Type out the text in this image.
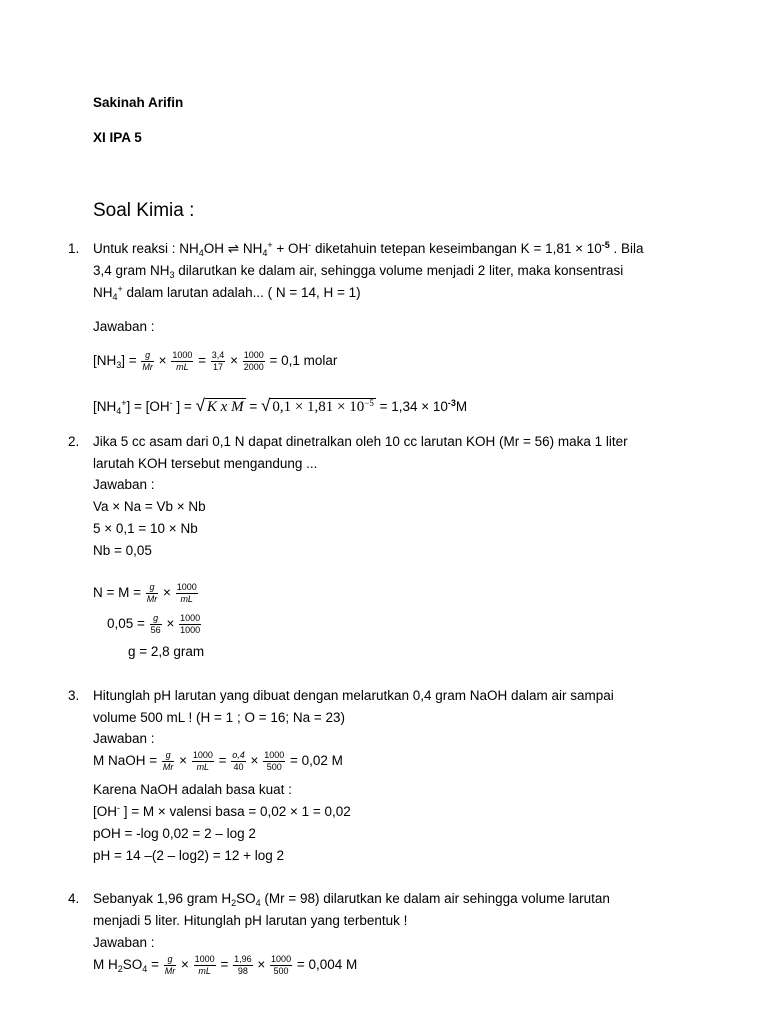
Sakinah Arifin
XI IPA 5
Soal Kimia :
1. Untuk reaksi : $NH_4OH$ ⇌ $NH_4^+ + OH^-$ diketahuin tetepan keseimbangan $K = 1,81 \times 10^{-5}$ . Bila
3,4 gram $NH_3$ dilarutkan ke dalam air, sehingga volume menjadi 2 liter, maka konsentrasi
$NH_4^+$ dalam larutan adalah... ( N = 14, H = 1)
Jawaban :
$[NH_3] = \frac{g}{Mr} \times \frac{1000}{mL} = \frac{3,4}{17} \times \frac{1000}{2000} = 0,1$ molar
$[NH_4^+] = [OH^-$ ] = √ K x M = √ $0,1 \times 1,81 \times 10^{-5} = 1,34 \times 10^{-3}M$
2. Jika 5 cc asam dari 0,1 N dapat dinetralkan oleh 10 cc larutan KOH (Mr = 56) maka 1 liter
larutah KOH tersebut mengandung ...
Jawaban :
Va × Na = Vb × Nb
5 × 0,1 = 10 × Nb
Nb = 0,05
$N = M = \frac{g}{Mr} \times \frac{1000}{mL}$
$0,05 = \frac{g}{56} \times \frac{1000}{1000}$
g = 2,8 gram
3. Hitunglah pH larutan yang dibuat dengan melarutkan 0,4 gram NaOH dalam air sampai
volume 500 mL ! (H = 1 ; O = 16; Na = 23)
Jawaban :
M NaOH = $\frac{g}{Mr} \times \frac{1000}{mL} = \frac{o,4}{40} \times \frac{1000}{500} = 0,02$ M
Karena NaOH adalah basa kuat :
[OH- ] = M × valensi basa = 0,02 × 1 = 0,02
pOH = -log 0,02 = 2 – log 2
pH = 14 –(2 – log2) = 12 + log 2
4. Sebanyak 1,96 gram $H_2SO_4$ (Mr = 98) dilarutkan ke dalam air sehingga volume larutan
menjadi 5 liter. Hitunglah pH larutan yang terbentuk !
Jawaban :
M $H_2SO_4 = \frac{g}{Mr} \times \frac{1000}{mL} = \frac{1,96}{98} \times \frac{1000}{500} = 0,004$ M
